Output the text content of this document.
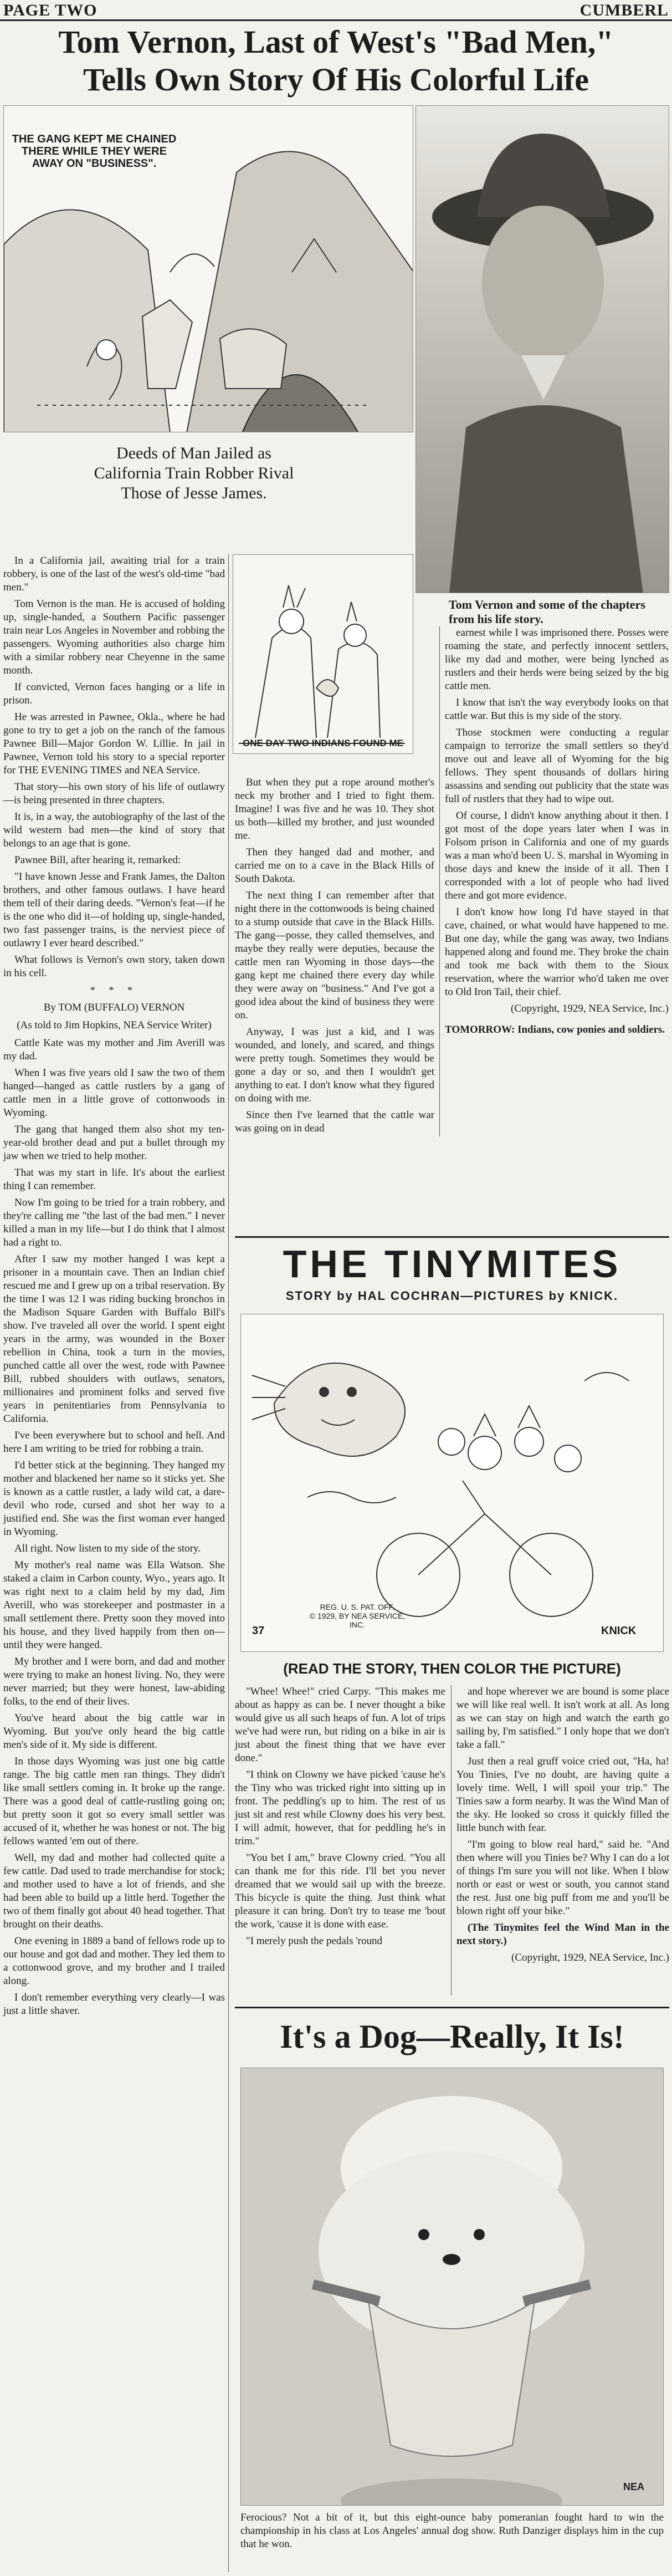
PAGE TWO	CUMBERL
Tom Vernon, Last of West's "Bad Men,"
Tells Own Story Of His Colorful Life
THE GANG KEPT ME CHAINED THERE WHILE THEY WERE AWAY ON "BUSINESS".
Tom Vernon and some of the chapters from his life story.
Deeds of Man Jailed as California Train Robber Rival Those of Jesse James.
ONE DAY TWO INDIANS FOUND ME

In a California jail, awaiting trial for a train robbery, is one of the last of the west's old-time "bad men."

Tom Vernon is the man. He is accused of holding up, single-handed, a Southern Pacific passenger train near Los Angeles in November and robbing the passengers. Wyoming authorities also charge him with a similar robbery near Cheyenne in the same month.

If convicted, Vernon faces hanging or a life in prison.

He was arrested in Pawnee, Okla., where he had gone to try to get a job on the ranch of the famous Pawnee Bill—Major Gordon W. Lillie. In jail in Pawnee, Vernon told his story to a special reporter for THE EVENING TIMES and NEA Service.

That story—his own story of his life of outlawry—is being presented in three chapters.

It is, in a way, the autobiography of the last of the wild western bad men—the kind of story that belongs to an age that is gone.

Pawnee Bill, after hearing it, remarked:

"I have known Jesse and Frank James, the Dalton brothers, and other famous outlaws. I have heard them tell of their daring deeds. "Vernon's feat—if he is the one who did it—of holding up, single-handed, two fast passenger trains, is the nerviest piece of outlawry I ever heard described."

What follows is Vernon's own story, taken down in his cell.

* * *
By TOM (BUFFALO) VERNON
(As told to Jim Hopkins, NEA Service Writer)

Cattle Kate was my mother and Jim Averill was my dad.

When I was five years old I saw the two of them hanged—hanged as cattle rustlers by a gang of cattle men in a little grove of cottonwoods in Wyoming.

The gang that hanged them also shot my ten-year-old brother dead and put a bullet through my jaw when we tried to help mother.

That was my start in life. It's about the earliest thing I can remember.

Now I'm going to be tried for a train robbery, and they're calling me "the last of the bad men." I never killed a man in my life—but I do think that I almost had a right to.

After I saw my mother hanged I was kept a prisoner in a mountain cave. Then an Indian chief rescued me and I grew up on a tribal reservation. By the time I was 12 I was riding bucking bronchos in the Madison Square Garden with Buffalo Bill's show. I've traveled all over the world. I spent eight years in the army, was wounded in the Boxer rebellion in China, took a turn in the movies, punched cattle all over the west, rode with Pawnee Bill, rubbed shoulders with outlaws, senators, millionaires and prominent folks and served five years in penitentiaries from Pennsylvania to California.

I've been everywhere but to school and hell. And here I am writing to be tried for robbing a train.

I'd better stick at the beginning. They hanged my mother and blackened her name so it sticks yet. She is known as a cattle rustler, a lady wild cat, a dare-devil who rode, cursed and shot her way to a justified end. She was the first woman ever hanged in Wyoming.

All right. Now listen to my side of the story.

My mother's real name was Ella Watson. She staked a claim in Carbon county, Wyo., years ago. It was right next to a claim held by my dad, Jim Averill, who was storekeeper and postmaster in a small settlement there. Pretty soon they moved into his house, and they lived happily from then on—until they were hanged.

My brother and I were born, and dad and mother were trying to make an honest living. No, they were never married; but they were honest, law-abiding folks, to the end of their lives.

You've heard about the big cattle war in Wyoming. But you've only heard the big cattle men's side of it. My side is different.

In those days Wyoming was just one big cattle range. The big cattle men ran things. They didn't like small settlers coming in. It broke up the range. There was a good deal of cattle-rustling going on; but pretty soon it got so every small settler was accused of it, whether he was honest or not. The big fellows wanted 'em out of there.

Well, my dad and mother had collected quite a few cattle. Dad used to trade merchandise for stock; and mother used to have a lot of friends, and she had been able to build up a little herd. Together the two of them finally got about 40 head together. That brought on their deaths.

One evening in 1889 a band of fellows rode up to our house and got dad and mother. They led them to a cottonwood grove, and my brother and I trailed along.

I don't remember everything very clearly—I was just a little shaver.

But when they put a rope around mother's neck my brother and I tried to fight them. Imagine! I was five and he was 10. They shot us both—killed my brother, and just wounded me.

Then they hanged dad and mother, and carried me on to a cave in the Black Hills of South Dakota.

The next thing I can remember after that night there in the cottonwoods is being chained to a stump outside that cave in the Black Hills. The gang—posse, they called themselves, and maybe they really were deputies, because the cattle men ran Wyoming in those days—the gang kept me chained there every day while they were away on "business." And I've got a good idea about the kind of business they were on.

Anyway, I was just a kid, and I was wounded, and lonely, and scared, and things were pretty tough. Sometimes they would be gone a day or so, and then I wouldn't get anything to eat. I don't know what they figured on doing with me.

Since then I've learned that the cattle war was going on in dead

earnest while I was imprisoned there. Posses were roaming the state, and perfectly innocent settlers, like my dad and mother, were being lynched as rustlers and their herds were being seized by the big cattle men.

I know that isn't the way everybody looks on that cattle war. But this is my side of the story.

Those stockmen were conducting a regular campaign to terrorize the small settlers so they'd move out and leave all of Wyoming for the big fellows. They spent thousands of dollars hiring assassins and sending out publicity that the state was full of rustlers that they had to wipe out.

Of course, I didn't know anything about it then. I got most of the dope years later when I was in Folsom prison in California and one of my guards was a man who'd been U. S. marshal in Wyoming in those days and knew the inside of it all. Then I corresponded with a lot of people who had lived there and got more evidence.

I don't know how long I'd have stayed in that cave, chained, or what would have happened to me. But one day, while the gang was away, two Indians happened along and found me. They broke the chain and took me back with them to the Sioux reservation, where the warrior who'd taken me over to Old Iron Tail, their chief.

(Copyright, 1929, NEA Service, Inc.)

TOMORROW: Indians, cow ponies and soldiers.

THE TINYMITES
STORY by HAL COCHRAN—PICTURES by KNICK.
REG. U. S. PAT. OFF.
© 1929, BY NEA SERVICE, INC.
37	KNICK
(READ THE STORY, THEN COLOR THE PICTURE)

"Whee! Whee!" cried Carpy. "This makes me about as happy as can be. I never thought a bike would give us all such heaps of fun. A lot of trips we've had were run, but riding on a bike in air is just about the finest thing that we have ever done."

"I think on Clowny we have picked 'cause he's the Tiny who was tricked right into sitting up in front. The peddling's up to him. The rest of us just sit and rest while Clowny does his very best. I will admit, however, that for peddling he's in trim."

"You bet I am," brave Clowny cried. "You all can thank me for this ride. I'll bet you never dreamed that we would sail up with the breeze. This bicycle is quite the thing. Just think what pleasure it can bring. Don't try to tease me 'bout the work, 'cause it is done with ease.

"I merely push the pedals 'round

and hope wherever we are bound is some place we will like real well. It isn't work at all. As long as we can stay on high and watch the earth go sailing by, I'm satisfied." I only hope that we don't take a fall."

Just then a real gruff voice cried out, "Ha, ha! You Tinies, I've no doubt, are having quite a lovely time. Well, I will spoil your trip." The Tinies saw a form nearby. It was the Wind Man of the sky. He looked so cross it quickly filled the little bunch with fear.

"I'm going to blow real hard," said he. "And then where will you Tinies be? Why I can do a lot of things I'm sure you will not like. When I blow north or east or west or south, you cannot stand the rest. Just one big puff from me and you'll be blown right off your bike."

(The Tinymites feel the Wind Man in the next story.)

(Copyright, 1929, NEA Service, Inc.)

It's a Dog—Really, It Is!
NEA
Ferocious? Not a bit of it, but this eight-ounce baby pomeranian fought hard to win the championship in his class at Los Angeles' annual dog show. Ruth Danziger displays him in the cup that he won.
